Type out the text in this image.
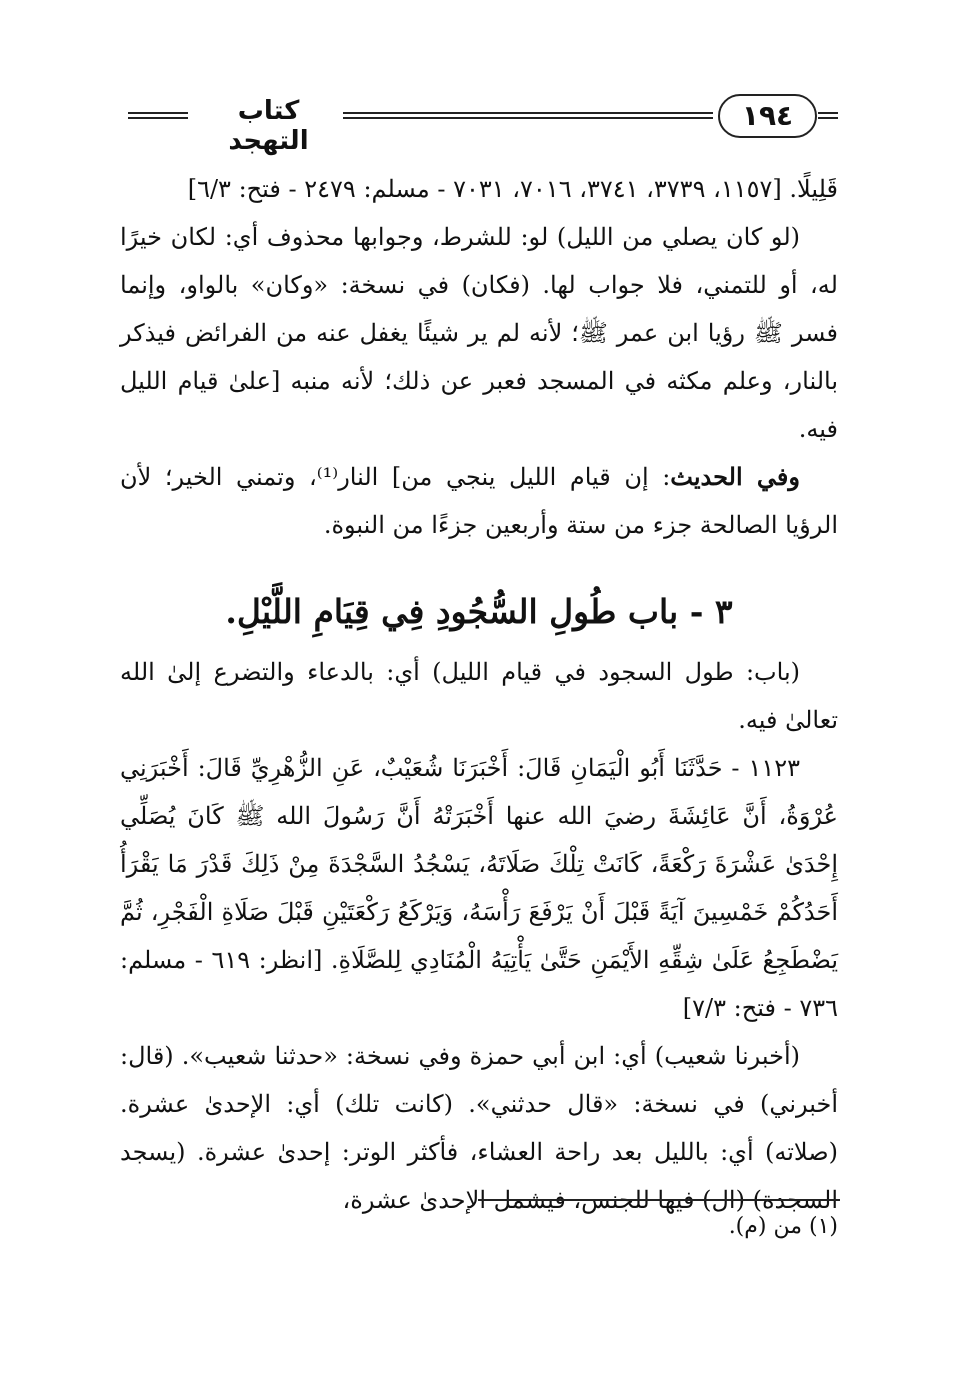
كتاب التهجد
١٩٤

قَلِيلًا. [١١٥٧، ٣٧٣٩، ٣٧٤١، ٧٠١٦، ٧٠٣١ - مسلم: ٢٤٧٩ - فتح: ٦/٣]

(لو كان يصلي من الليل) لو: للشرط، وجوابها محذوف أي: لكان خيرًا له، أو للتمني، فلا جواب لها. (فكان) في نسخة: «وكان» بالواو، وإنما فسر ﷺ رؤيا ابن عمر ﷺ؛ لأنه لم ير شيئًا يغفل عنه من الفرائض فيذكر بالنار، وعلم مكثه في المسجد فعبر عن ذلك؛ لأنه منبه [علىٰ قيام الليل فيه.

وفي الحديث: إن قيام الليل ينجي من] النار⁽¹⁾، وتمني الخير؛ لأن الرؤيا الصالحة جزء من ستة وأربعين جزءًا من النبوة.

٣ - باب طُولِ السُّجُودِ فِي قِيَامِ اللَّيْلِ.

(باب: طول السجود في قيام الليل) أي: بالدعاء والتضرع إلىٰ الله تعالىٰ فيه.

١١٢٣ - حَدَّثَنَا أَبُو الْيَمَانِ قَالَ: أَخْبَرَنَا شُعَيْبٌ، عَنِ الزُّهْرِيِّ قَالَ: أَخْبَرَنِي عُرْوَةُ، أَنَّ عَائِشَةَ رضيَ الله عنها أَخْبَرَتْهُ أَنَّ رَسُولَ الله ﷺ كَانَ يُصَلِّي إِحْدَىٰ عَشْرَةَ رَكْعَةً، كَانَتْ تِلْكَ صَلَاتَهُ، يَسْجُدُ السَّجْدَةَ مِنْ ذَلِكَ قَدْرَ مَا يَقْرَأُ أَحَدُكُمْ خَمْسِينَ آيَةً قَبْلَ أَنْ يَرْفَعَ رَأْسَهُ، وَيَرْكَعُ رَكْعَتَيْنِ قَبْلَ صَلَاةِ الْفَجْرِ، ثُمَّ يَضْطَجِعُ عَلَىٰ شِقِّهِ الأَيْمَنِ حَتَّىٰ يَأْتِيَهُ الْمُنَادِي لِلصَّلَاةِ. [انظر: ٦١٩ - مسلم: ٧٣٦ - فتح: ٧/٣]

(أخبرنا شعيب) أي: ابن أبي حمزة وفي نسخة: «حدثنا شعيب». (قال: أخبرني) في نسخة: «قال حدثني». (كانت تلك) أي: الإحدىٰ عشرة. (صلاته) أي: بالليل بعد راحة العشاء، فأكثر الوتر: إحدىٰ عشرة. (يسجد السجدة) (ال) فيها للجنس، فيشمل الإحدىٰ عشرة،

(١) من (م).
